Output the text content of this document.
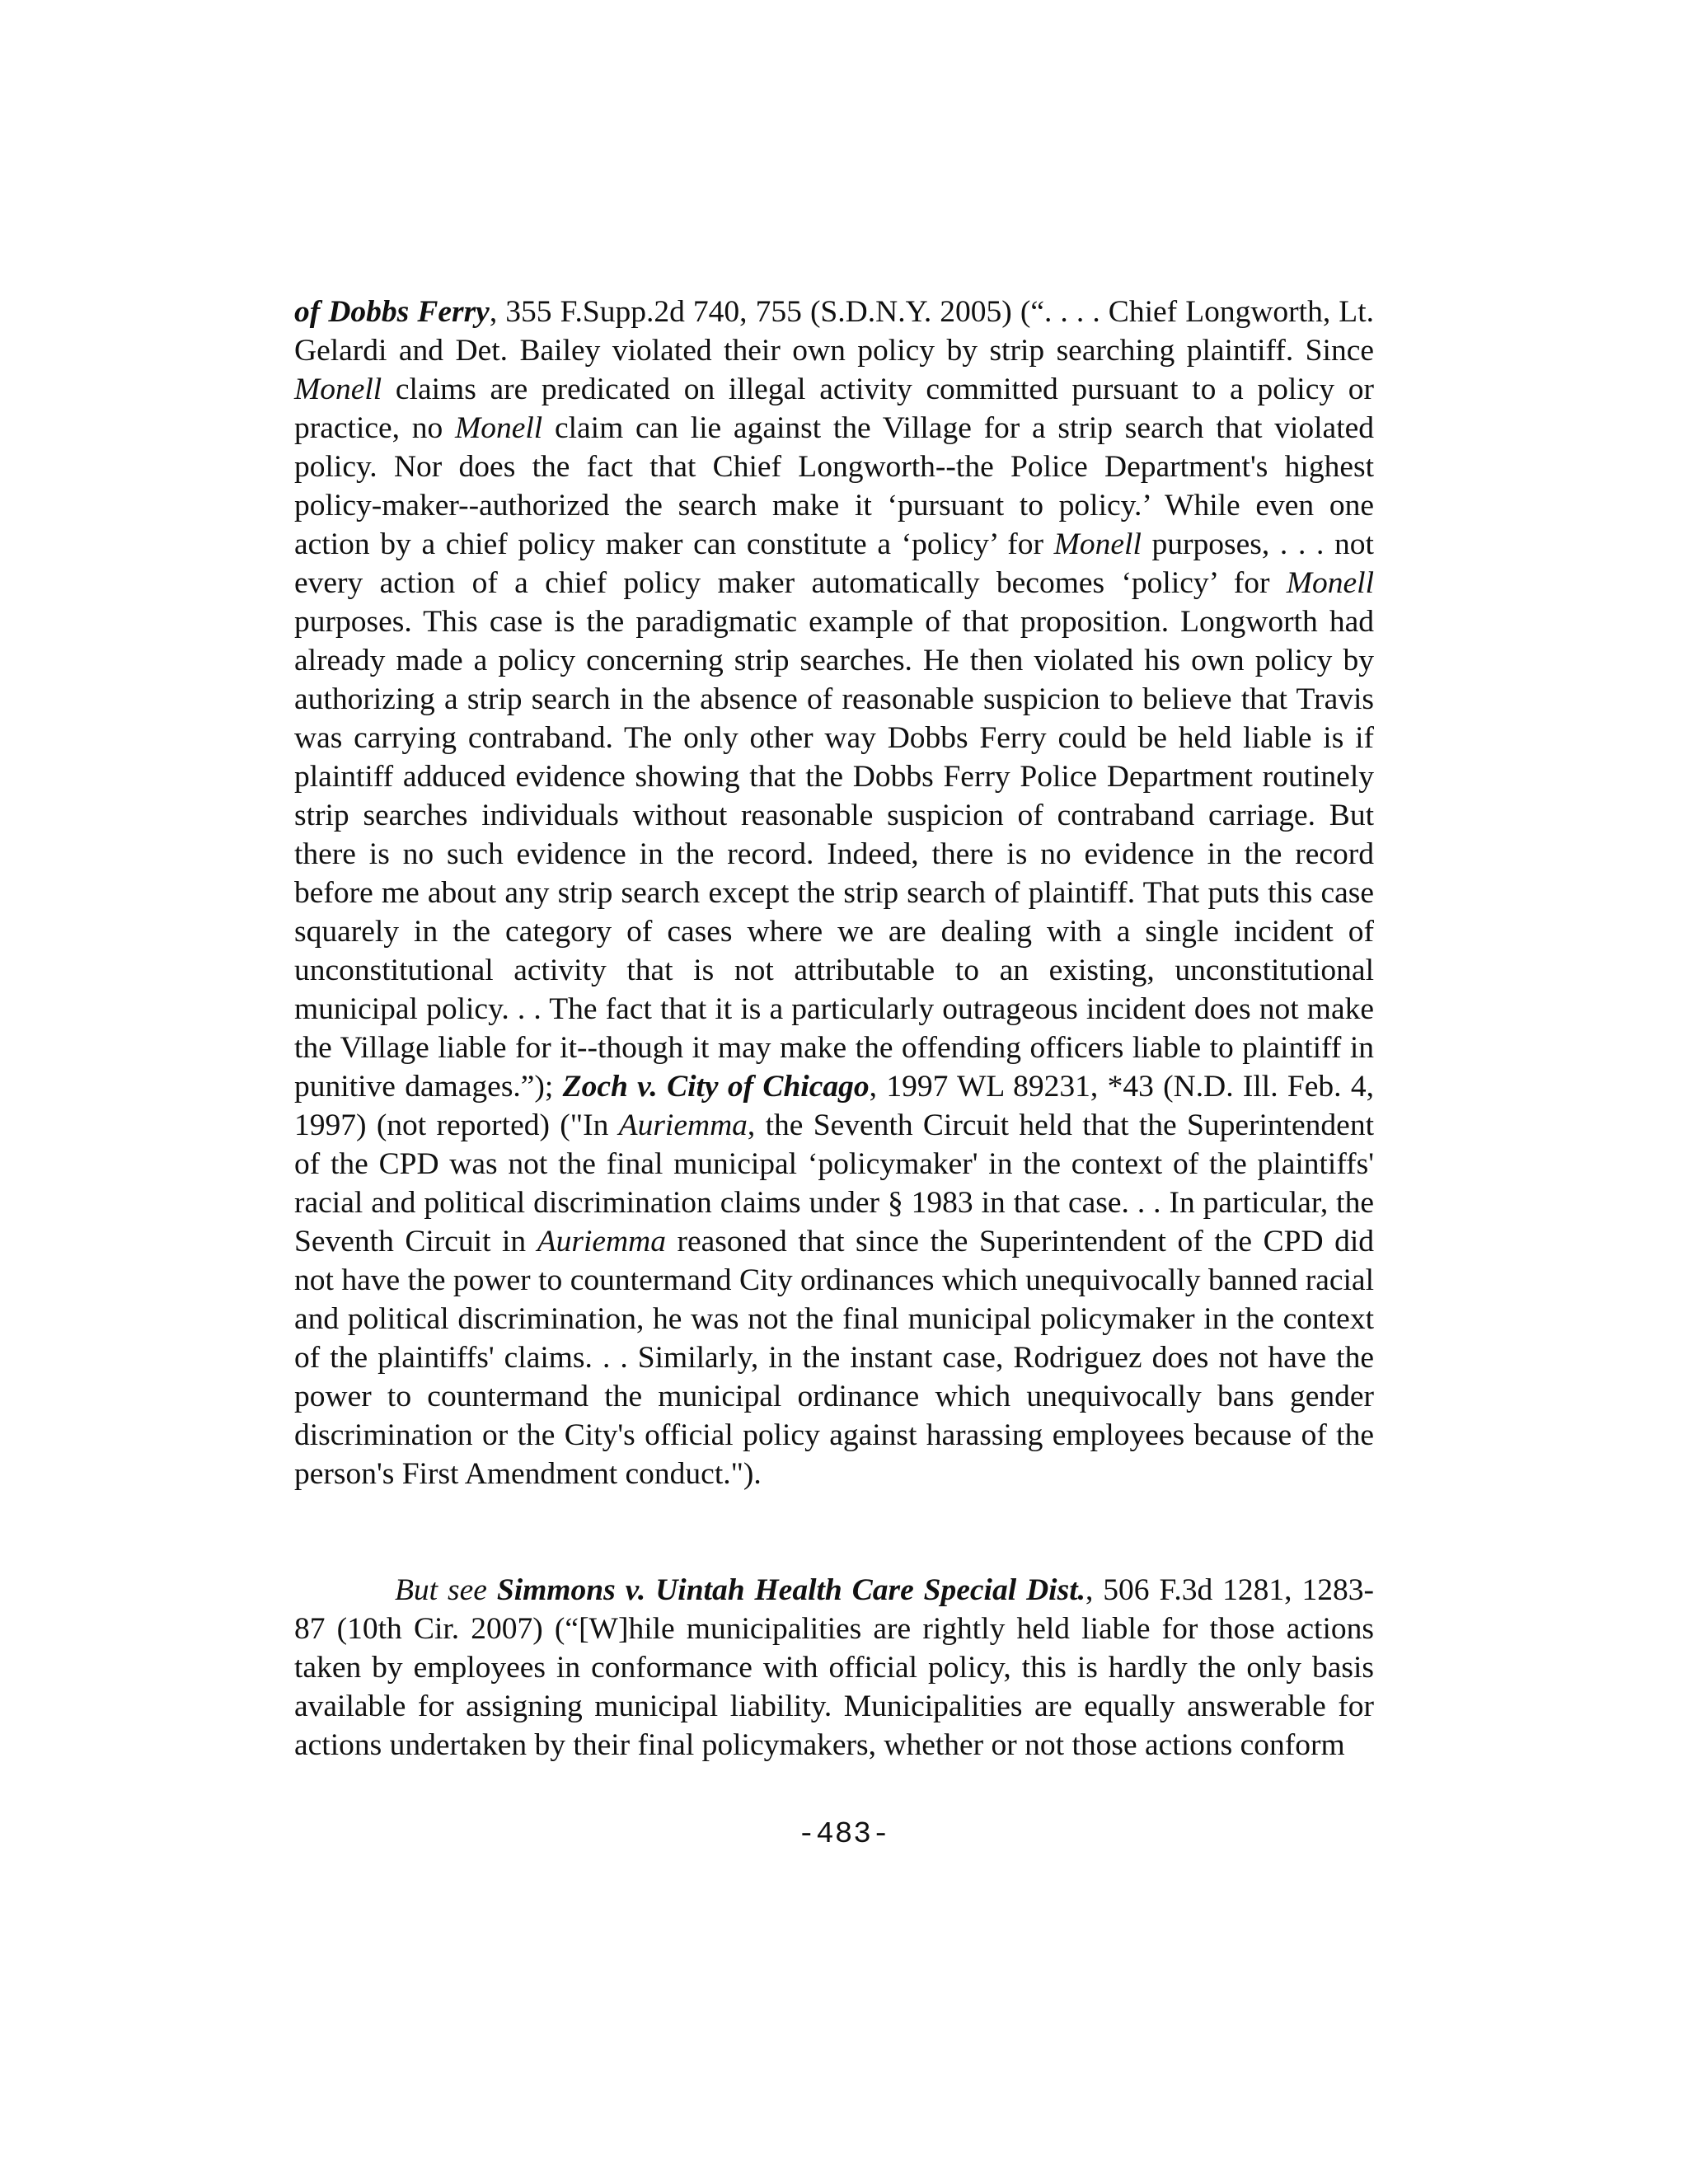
of Dobbs Ferry, 355 F.Supp.2d 740, 755 (S.D.N.Y. 2005) (“. . . . Chief Longworth, Lt. Gelardi and Det. Bailey violated their own policy by strip searching plaintiff. Since Monell claims are predicated on illegal activity committed pursuant to a policy or practice, no Monell claim can lie against the Village for a strip search that violated policy. Nor does the fact that Chief Longworth--the Police Department's highest policy-maker--authorized the search make it ‘pursuant to policy.’ While even one action by a chief policy maker can constitute a ‘policy’ for Monell purposes, . . . not every action of a chief policy maker automatically becomes ‘policy’ for Monell purposes. This case is the paradigmatic example of that proposition. Longworth had already made a policy concerning strip searches. He then violated his own policy by authorizing a strip search in the absence of reasonable suspicion to believe that Travis was carrying contraband. The only other way Dobbs Ferry could be held liable is if plaintiff adduced evidence showing that the Dobbs Ferry Police Department routinely strip searches individuals without reasonable suspicion of contraband carriage. But there is no such evidence in the record. Indeed, there is no evidence in the record before me about any strip search except the strip search of plaintiff. That puts this case squarely in the category of cases where we are dealing with a single incident of unconstitutional activity that is not attributable to an existing, unconstitutional municipal policy. . . The fact that it is a particularly outrageous incident does not make the Village liable for it--though it may make the offending officers liable to plaintiff in punitive damages.”); Zoch v. City of Chicago, 1997 WL 89231, *43 (N.D. Ill. Feb. 4, 1997) (not reported) ("In Auriemma, the Seventh Circuit held that the Superintendent of the CPD was not the final municipal ‘policymaker' in the context of the plaintiffs' racial and political discrimination claims under § 1983 in that case. . . In particular, the Seventh Circuit in Auriemma reasoned that since the Superintendent of the CPD did not have the power to countermand City ordinances which unequivocally banned racial and political discrimination, he was not the final municipal policymaker in the context of the plaintiffs' claims. . . Similarly, in the instant case, Rodriguez does not have the power to countermand the municipal ordinance which unequivocally bans gender discrimination or the City's official policy against harassing employees because of the person's First Amendment conduct.").

But see Simmons v. Uintah Health Care Special Dist., 506 F.3d 1281, 1283-87 (10th Cir. 2007) (“[W]hile municipalities are rightly held liable for those actions taken by employees in conformance with official policy, this is hardly the only basis available for assigning municipal liability. Municipalities are equally answerable for actions undertaken by their final policymakers, whether or not those actions conform

-483-
